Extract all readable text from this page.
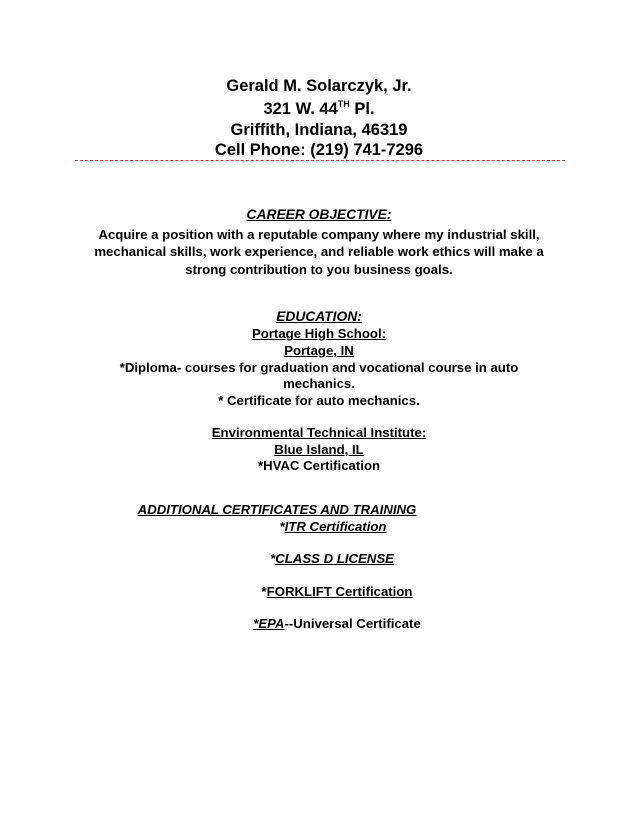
Gerald M. Solarczyk, Jr.
321 W. 44TH Pl.
Griffith, Indiana, 46319
Cell Phone: (219) 741-7296
CAREER OBJECTIVE:
Acquire a position with a reputable company where my industrial skill,
mechanical skills, work experience, and reliable work ethics will make a
strong contribution to you business goals.
EDUCATION:
Portage High School:
Portage, IN
*Diploma- courses for graduation and vocational course in auto
mechanics.
* Certificate for auto mechanics.
Environmental Technical Institute:
Blue Island, IL
*HVAC Certification
ADDITIONAL CERTIFICATES AND TRAINING
*ITR Certification
*CLASS D LICENSE
*FORKLIFT Certification
*EPA--Universal Certificate
